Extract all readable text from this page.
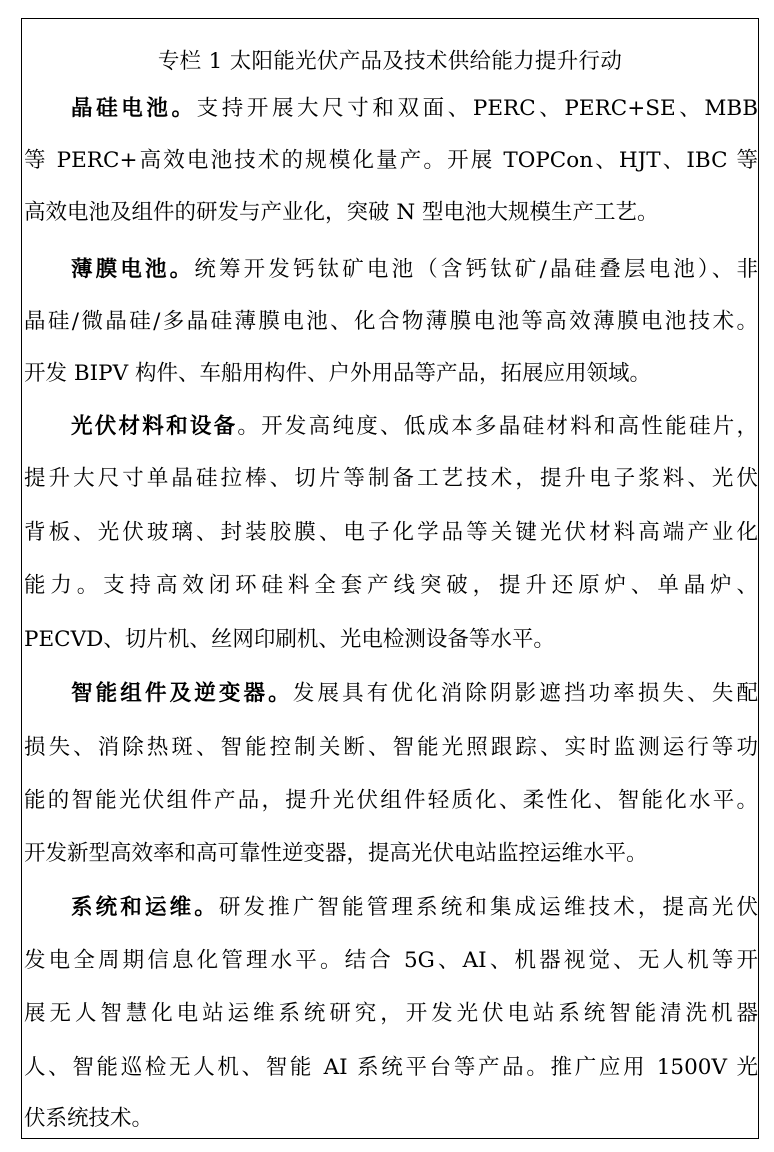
专栏 1 太阳能光伏产品及技术供给能力提升行动
晶硅电池。支持开展大尺寸和双面、PERC、PERC+SE、MBB
等 PERC+高效电池技术的规模化量产。开展 TOPCon、HJT、IBC 等
高效电池及组件的研发与产业化，突破 N 型电池大规模生产工艺。
薄膜电池。统筹开发钙钛矿电池（含钙钛矿/晶硅叠层电池）、非
晶硅/微晶硅/多晶硅薄膜电池、化合物薄膜电池等高效薄膜电池技术。
开发 BIPV 构件、车船用构件、户外用品等产品，拓展应用领域。
光伏材料和设备。开发高纯度、低成本多晶硅材料和高性能硅片，
提升大尺寸单晶硅拉棒、切片等制备工艺技术，提升电子浆料、光伏
背板、光伏玻璃、封装胶膜、电子化学品等关键光伏材料高端产业化
能力。支持高效闭环硅料全套产线突破，提升还原炉、单晶炉、
PECVD、切片机、丝网印刷机、光电检测设备等水平。
智能组件及逆变器。发展具有优化消除阴影遮挡功率损失、失配
损失、消除热斑、智能控制关断、智能光照跟踪、实时监测运行等功
能的智能光伏组件产品，提升光伏组件轻质化、柔性化、智能化水平。
开发新型高效率和高可靠性逆变器，提高光伏电站监控运维水平。
系统和运维。研发推广智能管理系统和集成运维技术，提高光伏
发电全周期信息化管理水平。结合 5G、AI、机器视觉、无人机等开
展无人智慧化电站运维系统研究，开发光伏电站系统智能清洗机器
人、智能巡检无人机、智能 AI 系统平台等产品。推广应用 1500V 光
伏系统技术。
